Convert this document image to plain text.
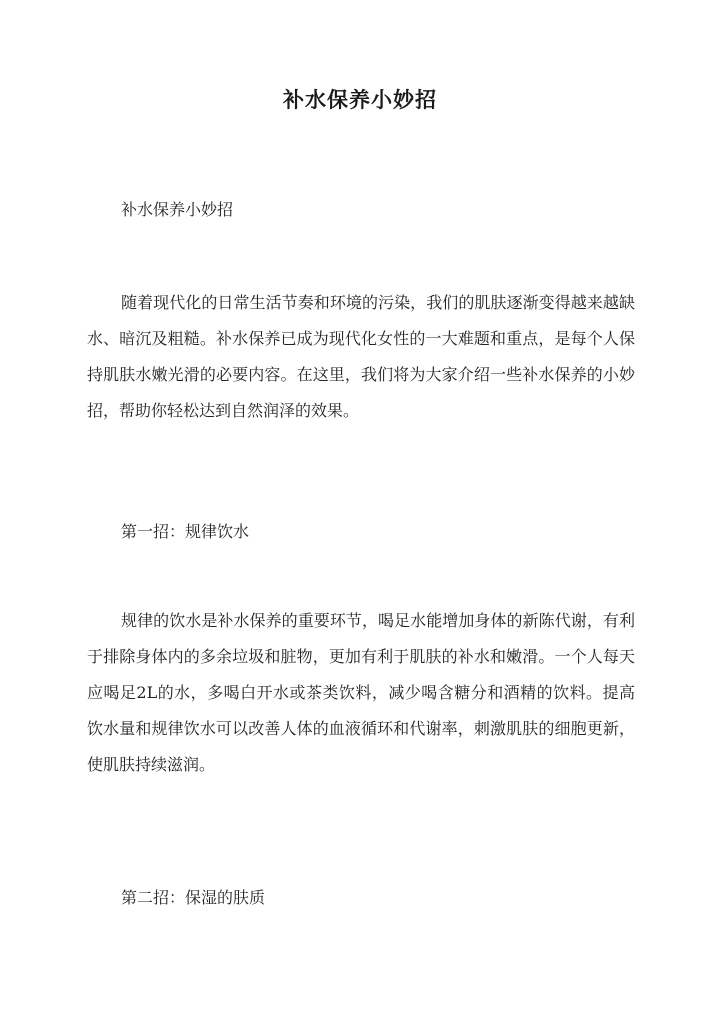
补水保养小妙招
补水保养小妙招
随着现代化的日常生活节奏和环境的污染，我们的肌肤逐渐变得越来越缺水、暗沉及粗糙。补水保养已成为现代化女性的一大难题和重点，是每个人保持肌肤水嫩光滑的必要内容。在这里，我们将为大家介绍一些补水保养的小妙招，帮助你轻松达到自然润泽的效果。
第一招：规律饮水
规律的饮水是补水保养的重要环节，喝足水能增加身体的新陈代谢，有利于排除身体内的多余垃圾和脏物，更加有利于肌肤的补水和嫩滑。一个人每天应喝足2L的水，多喝白开水或茶类饮料，减少喝含糖分和酒精的饮料。提高饮水量和规律饮水可以改善人体的血液循环和代谢率，刺激肌肤的细胞更新，使肌肤持续滋润。
第二招：保湿的肤质
